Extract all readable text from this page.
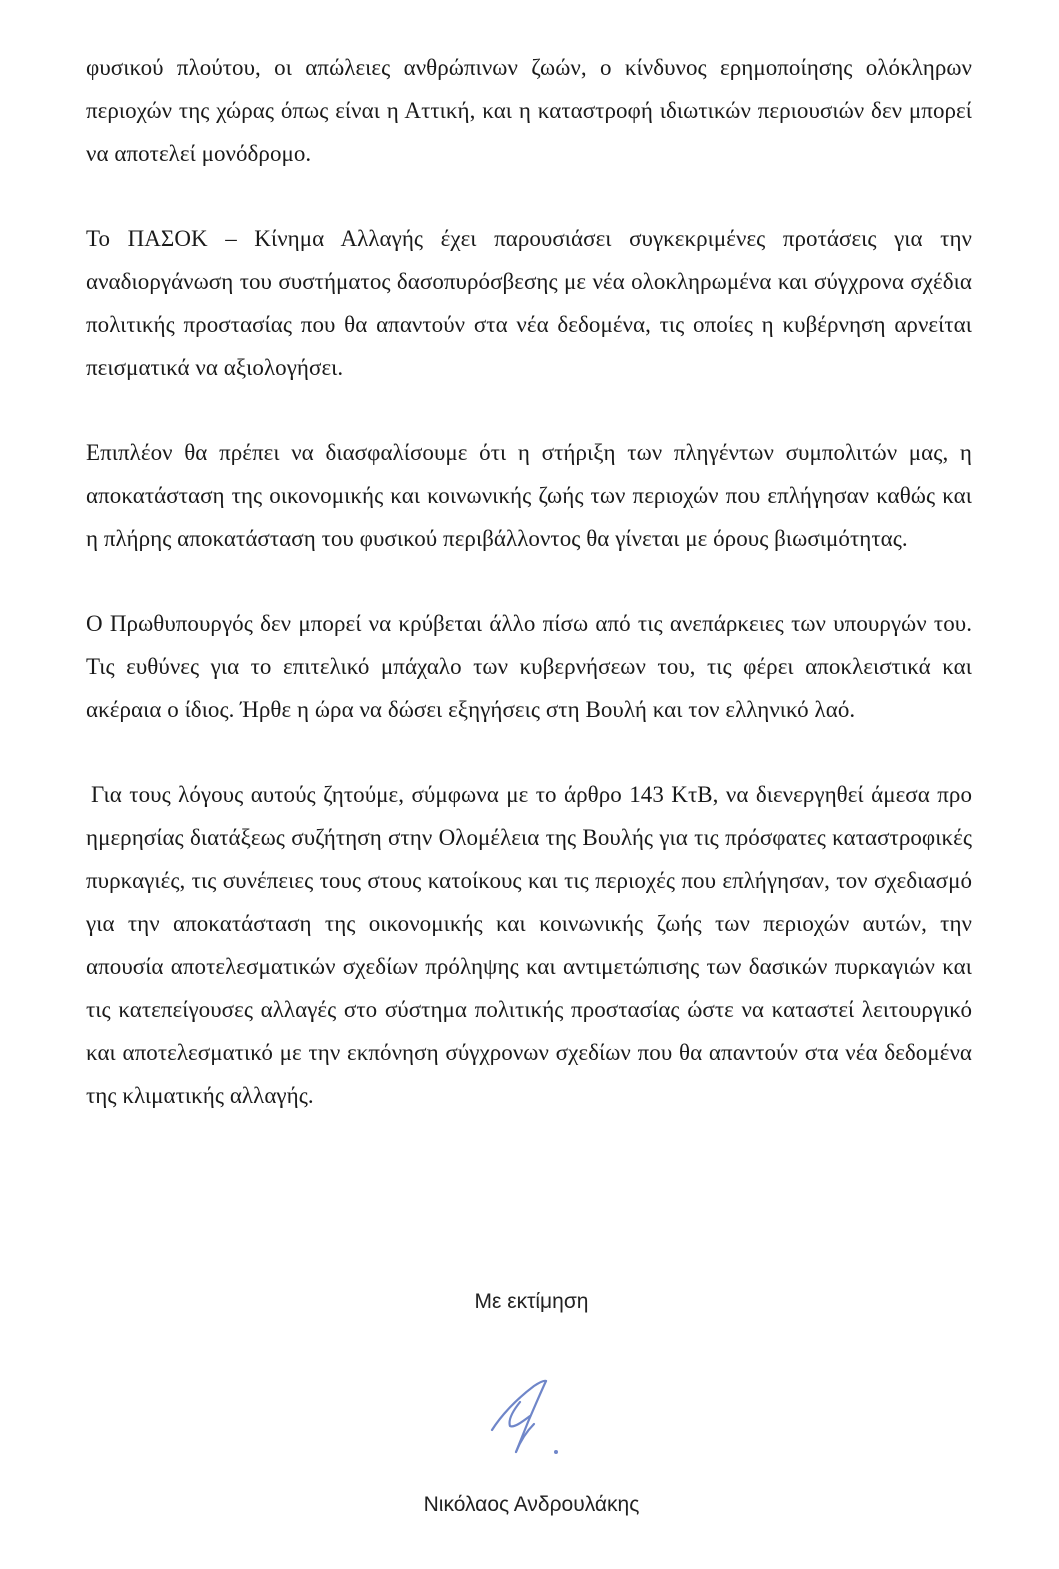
φυσικού πλούτου, οι απώλειες ανθρώπινων ζωών, ο κίνδυνος ερημοποίησης ολόκληρων περιοχών της χώρας όπως είναι η Αττική, και η καταστροφή ιδιωτικών περιουσιών δεν μπορεί να αποτελεί μονόδρομο.

Το ΠΑΣΟΚ – Κίνημα Αλλαγής έχει παρουσιάσει συγκεκριμένες προτάσεις για την αναδιοργάνωση του συστήματος δασοπυρόσβεσης με νέα ολοκληρωμένα και σύγχρονα σχέδια πολιτικής προστασίας που θα απαντούν στα νέα δεδομένα, τις οποίες η κυβέρνηση αρνείται πεισματικά να αξιολογήσει.

Επιπλέον θα πρέπει να διασφαλίσουμε ότι η στήριξη των πληγέντων συμπολιτών μας, η αποκατάσταση της οικονομικής και κοινωνικής ζωής των περιοχών που επλήγησαν καθώς και η πλήρης αποκατάσταση του φυσικού περιβάλλοντος θα γίνεται με όρους βιωσιμότητας.

Ο Πρωθυπουργός δεν μπορεί να κρύβεται άλλο πίσω από τις ανεπάρκειες των υπουργών του. Τις ευθύνες για το επιτελικό μπάχαλο των κυβερνήσεων του, τις φέρει αποκλειστικά και ακέραια ο ίδιος. Ήρθε η ώρα να δώσει εξηγήσεις στη Βουλή και τον ελληνικό λαό.

Για τους λόγους αυτούς ζητούμε, σύμφωνα με το άρθρο 143 ΚτΒ, να διενεργηθεί άμεσα προ ημερησίας διατάξεως συζήτηση στην Ολομέλεια της Βουλής για τις πρόσφατες καταστροφικές πυρκαγιές, τις συνέπειες τους στους κατοίκους και τις περιοχές που επλήγησαν, τον σχεδιασμό για την αποκατάσταση της οικονομικής και κοινωνικής ζωής των περιοχών αυτών, την απουσία αποτελεσματικών σχεδίων πρόληψης και αντιμετώπισης των δασικών πυρκαγιών και τις κατεπείγουσες αλλαγές στο σύστημα πολιτικής προστασίας ώστε να καταστεί λειτουργικό και αποτελεσματικό με την εκπόνηση σύγχρονων σχεδίων που θα απαντούν στα νέα δεδομένα της κλιματικής αλλαγής.

Με εκτίμηση
Νικόλαος Ανδρουλάκης
